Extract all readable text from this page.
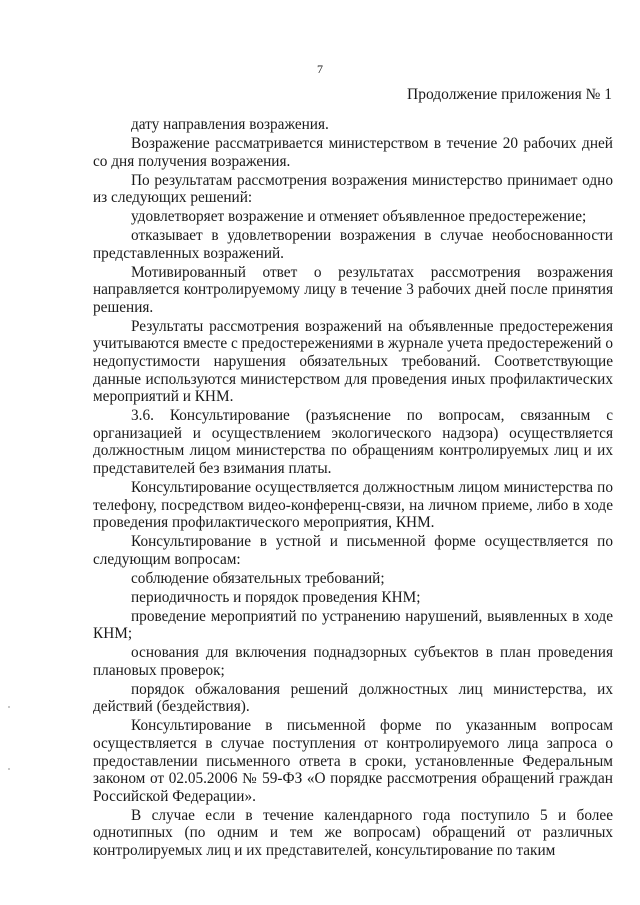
7
Продолжение приложения № 1

дату направления возражения.

Возражение рассматривается министерством в течение 20 рабочих дней со дня получения возражения.

По результатам рассмотрения возражения министерство принимает одно из следующих решений:

удовлетворяет возражение и отменяет объявленное предостережение;

отказывает в удовлетворении возражения в случае необоснованности представленных возражений.

Мотивированный ответ о результатах рассмотрения возражения направляется контролируемому лицу в течение 3 рабочих дней после принятия решения.

Результаты рассмотрения возражений на объявленные предостережения учитываются вместе с предостережениями в журнале учета предостережений о недопустимости нарушения обязательных требований. Соответствующие данные используются министерством для проведения иных профилактических мероприятий и КНМ.

3.6. Консультирование (разъяснение по вопросам, связанным с организацией и осуществлением экологического надзора) осуществляется должностным лицом министерства по обращениям контролируемых лиц и их представителей без взимания платы.

Консультирование осуществляется должностным лицом министерства по телефону, посредством видео-конференц-связи, на личном приеме, либо в ходе проведения профилактического мероприятия, КНМ.

Консультирование в устной и письменной форме осуществляется по следующим вопросам:

соблюдение обязательных требований;

периодичность и порядок проведения КНМ;

проведение мероприятий по устранению нарушений, выявленных в ходе КНМ;

основания для включения поднадзорных субъектов в план проведения плановых проверок;

порядок обжалования решений должностных лиц министерства, их действий (бездействия).

Консультирование в письменной форме по указанным вопросам осуществляется в случае поступления от контролируемого лица запроса о предоставлении письменного ответа в сроки, установленные Федеральным законом от 02.05.2006 № 59-ФЗ «О порядке рассмотрения обращений граждан Российской Федерации».

В случае если в течение календарного года поступило 5 и более однотипных (по одним и тем же вопросам) обращений от различных контролируемых лиц и их представителей, консультирование по таким
